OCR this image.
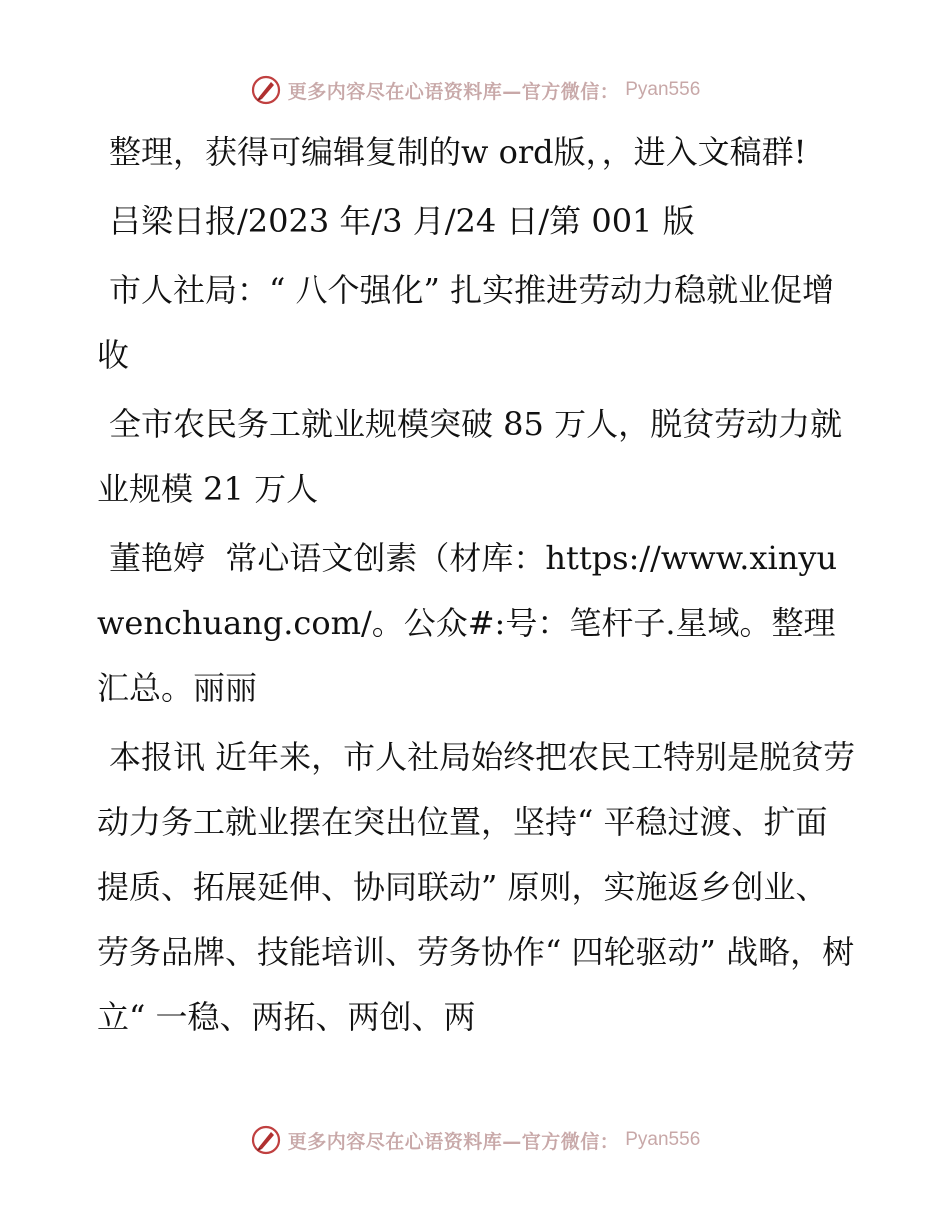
更多内容尽在心语资料库—官方微信： Pyan556

整理，获得可编辑复制的w ord版，，进入文稿群!

吕梁日报/2023 年/3 月/24 日/第 001 版

市人社局：“ 八个强化” 扎实推进劳动力稳就业促增收

全市农民务工就业规模突破 85 万人，脱贫劳动力就业规模 21 万人

董艳婷  常心语文创素（材库：https://www.xinyuwenchuang.com/。公众#:号：笔杆子.星域。整理汇总。丽丽

本报讯 近年来，市人社局始终把农民工特别是脱贫劳动力务工就业摆在突出位置，坚持“ 平稳过渡、扩面提质、拓展延伸、协同联动” 原则，实施返乡创业、劳务品牌、技能培训、劳务协作“ 四轮驱动” 战略，树立“ 一稳、两拓、两创、两

更多内容尽在心语资料库—官方微信： Pyan556
